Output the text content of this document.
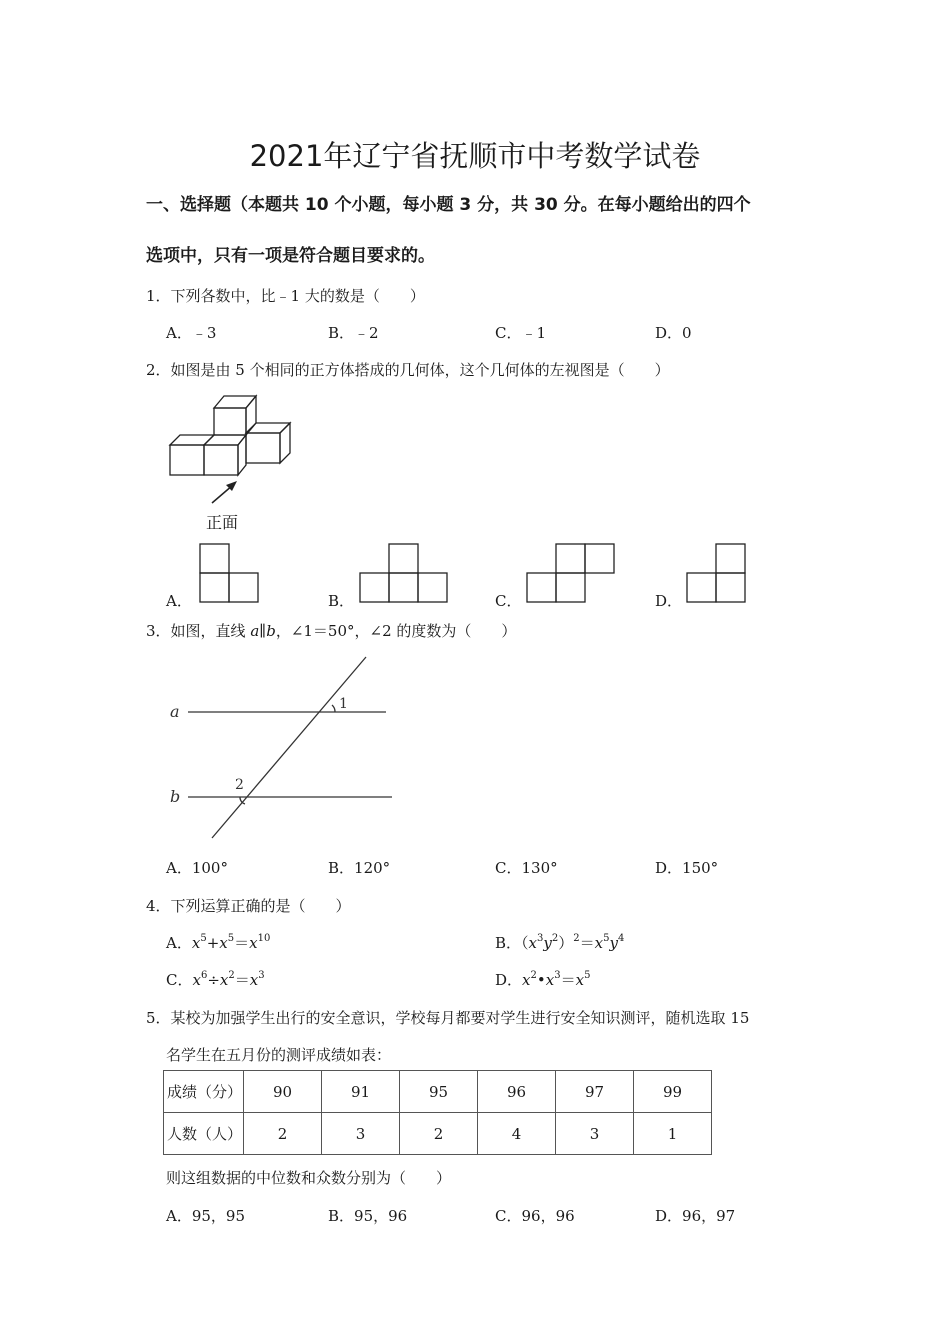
2021年辽宁省抚顺市中考数学试卷
一、选择题（本题共 10 个小题，每小题 3 分，共 30 分。在每小题给出的四个
选项中，只有一项是符合题目要求的。
1．下列各数中，比﹣1 大的数是（　　）
A．﹣3	B．﹣2	C．﹣1	D．0
2．如图是由 5 个相同的正方体搭成的几何体，这个几何体的左视图是（　　）
正面
A．	B．	C．	D．
3．如图，直线 a∥b，∠1＝50°，∠2 的度数为（　　）
a
b
1
2
A．100°	B．120°	C．130°	D．150°
4．下列运算正确的是（　　）
A．$x^5+x^5=x^{10}$	B．$(x^3y^2)^2=x^5y^4$
C．$x^6\div x^2=x^3$	D．$x^2•x^3=x^5$
5．某校为加强学生出行的安全意识，学校每月都要对学生进行安全知识测评，随机选取 15
名学生在五月份的测评成绩如表：
成绩（分）	90	91	95	96	97	99
人数（人）	2	3	2	4	3	1
则这组数据的中位数和众数分别为（　　）
A．95，95	B．95，96	C．96，96	D．96，97
